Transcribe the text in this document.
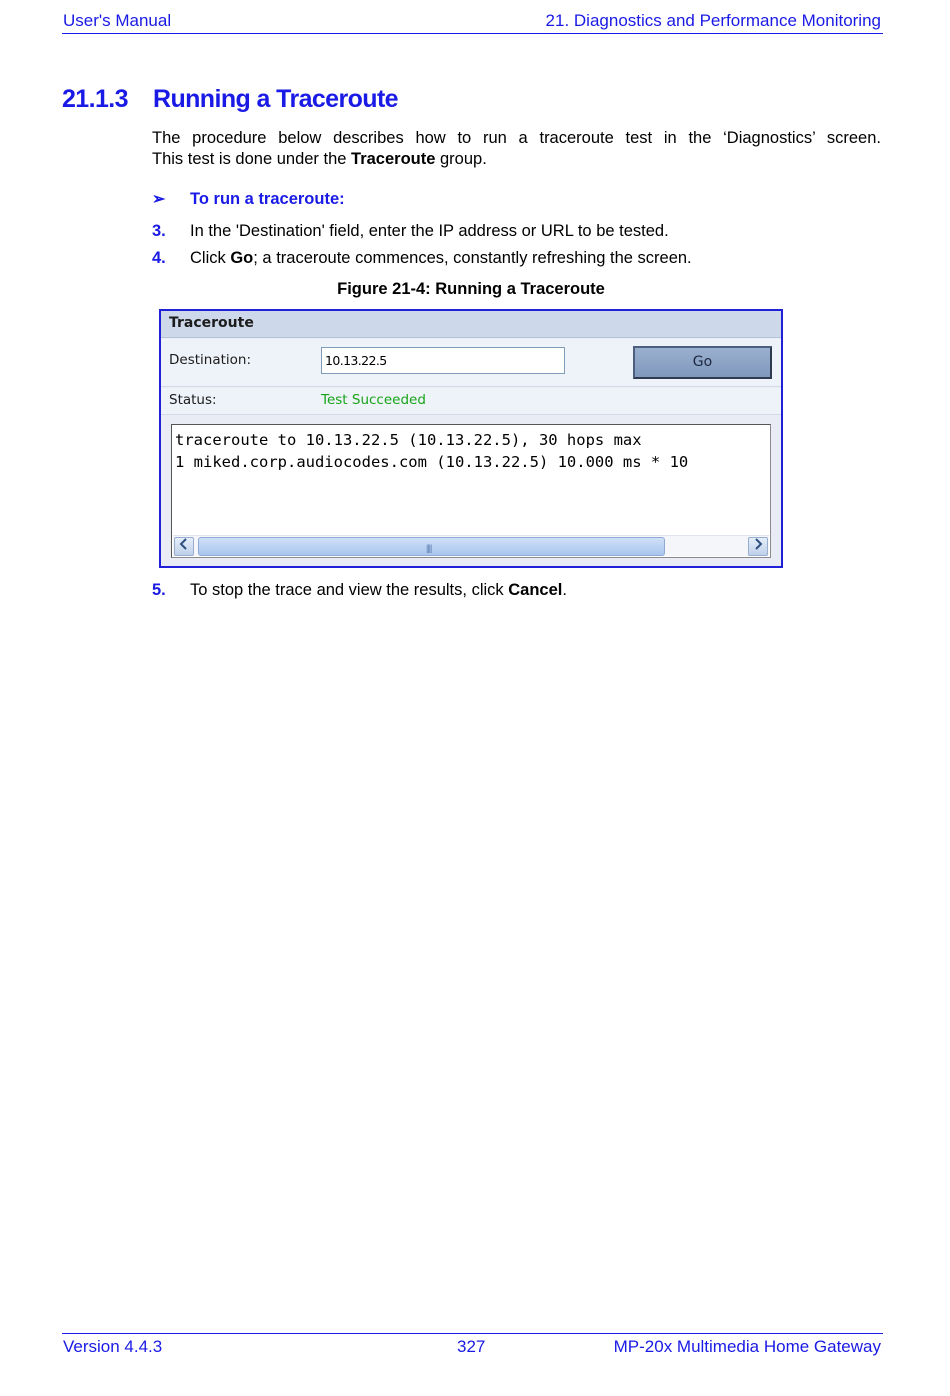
User's Manual	21. Diagnostics and Performance Monitoring
21.1.3 Running a Traceroute
The procedure below describes how to run a traceroute test in the ‘Diagnostics’ screen.
This test is done under the Traceroute group.
➢ To run a traceroute:
3. In the 'Destination' field, enter the IP address or URL to be tested.
4. Click Go; a traceroute commences, constantly refreshing the screen.
Figure 21-4: Running a Traceroute
Traceroute
Destination:	10.13.22.5	Go
Status:	Test Succeeded
traceroute to 10.13.22.5 (10.13.22.5), 30 hops max
1 miked.corp.audiocodes.com (10.13.22.5) 10.000 ms * 10
||||
5. To stop the trace and view the results, click Cancel.
Version 4.4.3	327	MP-20x Multimedia Home Gateway
